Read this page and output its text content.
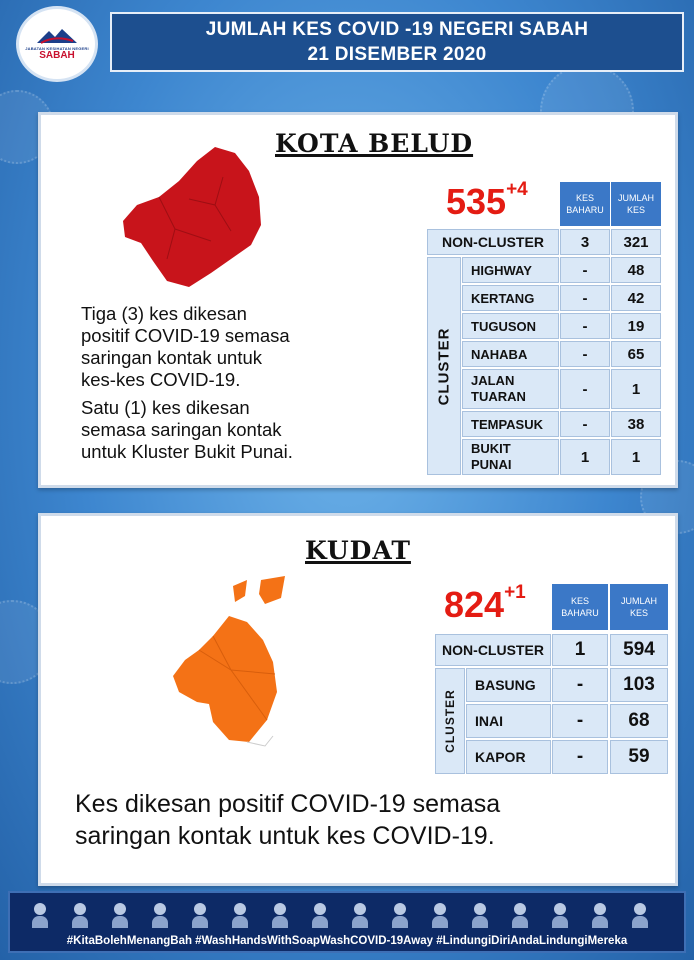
JABATAN KESIHATAN NEGERI
SABAH
JUMLAH KES COVID -19 NEGERI SABAH
21 DISEMBER 2020
KOTA BELUD
$535^{+4}$	KES
BAHARU
JUMLAH
KES
NON-CLUSTER	3	321
CLUSTER
HIGHWAY	-	48
KERTANG	-	42
TUGUSON	-	19
NAHABA	-	65
JALAN
TUARAN	-	1
TEMPASUK	-	38
BUKIT
PUNAI	1	1

Tiga (3) kes dikesan

positif COVID-19 semasa

saringan kontak untuk

kes-kes COVID-19.

Satu (1) kes dikesan

semasa saringan kontak

untuk Kluster Bukit Punai.

KUDAT
$824^{+1}$	KES
BAHARU
JUMLAH
KES
NON-CLUSTER	1	594
CLUSTER
BASUNG	-	103
INAI	-	68
KAPOR	-	59

Kes dikesan positif COVID-19 semasa

saringan kontak untuk kes COVID-19.

#KitaBolehMenangBah #WashHandsWithSoapWashCOVID-19Away #LindungiDiriAndaLindungiMereka
